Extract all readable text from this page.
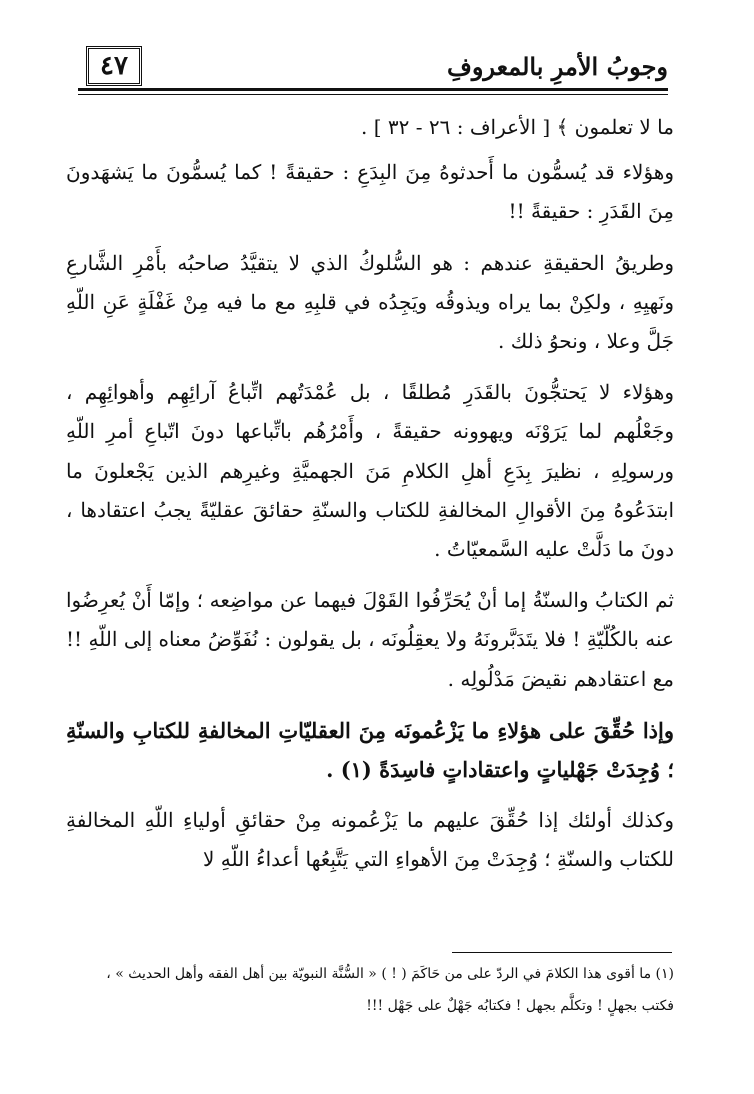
٤٧	وجوبُ الأمرِ بالمعروفِ

ما لا تعلمون ﴾ [ الأعراف : ٢٦ - ٣٢ ] .

وهؤلاء قد يُسمُّون ما أَحدثوهُ مِنَ البِدَعِ : حقيقةً ! كما يُسمُّونَ ما يَشهَدونَ مِنَ القَدَرِ : حقيقةً !!

وطريقُ الحقيقةِ عندهم : هو السُّلوكُ الذي لا يتقيَّدُ صاحبُه بأَمْرِ الشَّارعِ ونَهيِهِ ، ولكِنْ بما يراه ويذوقُه ويَجِدُه في قلبِهِ مع ما فيه مِنْ غَفْلَةٍ عَنِ اللّهِ جَلَّ وعلا ، ونحوُ ذلك .

وهؤلاء لا يَحتجُّونَ بالقَدَرِ مُطلقًا ، بل عُمْدَتُهم اتِّباعُ آرائِهِم وأهوائِهِم ، وجَعْلُهم لما يَرَوْنَه ويهوونه حقيقةً ، وأَمْرُهُم باتِّباعها دونَ اتّباعِ أمرِ اللّهِ ورسولِهِ ، نظيرَ بِدَعِ أهلِ الكلامِ مَنَ الجهميَّةِ وغيرِهم الذين يَجْعلونَ ما ابتدَعُوهُ مِنَ الأقوالِ المخالفةِ للكتاب والسنّةِ حقائقَ عقليّةً يجبُ اعتقادها ، دونَ ما دَلَّتْ عليه السَّمعيّاتُ .

ثم الكتابُ والسنّةُ إما أنْ يُحَرِّفُوا القَوْلَ فيهما عن مواضِعه ؛ وإمّا أَنْ يُعرِضُوا عنه بالكُلّيّةِ ! فلا يتَدَبَّرونَهُ ولا يعقِلُونَه ، بل يقولون : نُفَوِّضُ معناه إلى اللّهِ !! مع اعتقادهم نقيضَ مَدْلُولِه .

وإذا حُقِّقَ على هؤلاءِ ما يَزْعُمونَه مِنَ العقليّاتِ المخالفةِ للكتابِ والسنّةِ ؛ وُجِدَتْ جَهْلياتٍ واعتقاداتٍ فاسِدَةً (١) .

وكذلك أولئك إذا حُقِّقَ عليهم ما يَزْعُمونه مِنْ حقائقِ أولياءِ اللّهِ المخالفةِ للكتاب والسنّةِ ؛ وُجِدَتْ مِنَ الأهواءِ التي يَتَّبِعُها أعداءُ اللّهِ لا

(١) ما أقوى هذا الكلامَ في الردّ على من حَاكَمَ ( ! ) « السُّنَّة النبويّة بين أهل الفقه وأهل الحديث » ،

فكتب بجهلٍ ! وتكلَّم بجهل ! فكتابُه جَهْلٌ على جَهْل !!!
